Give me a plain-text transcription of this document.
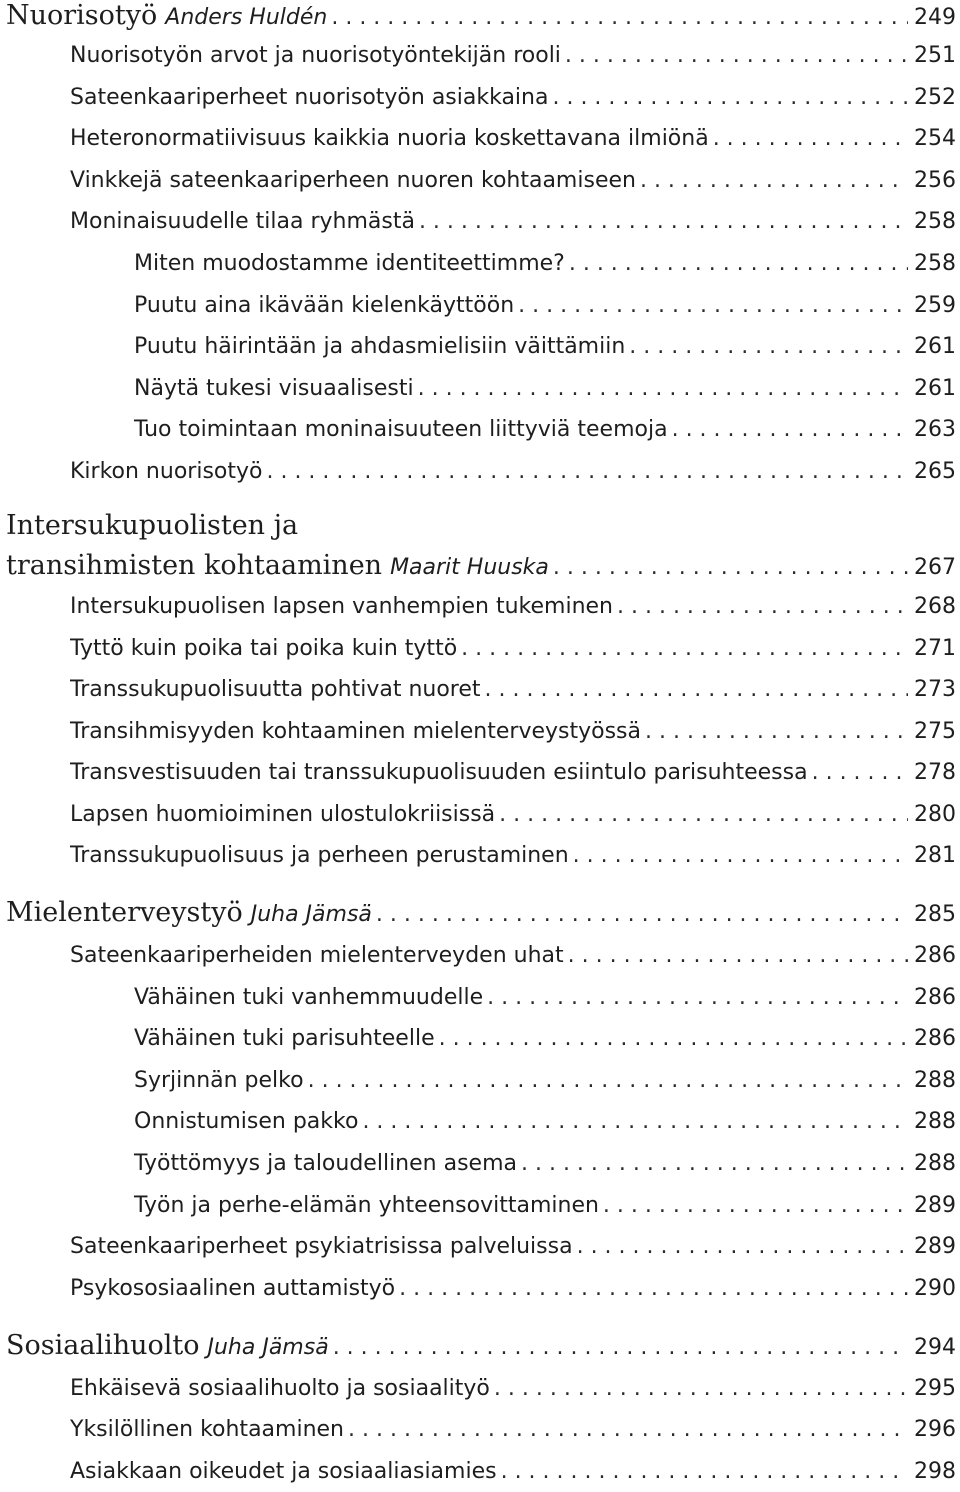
Nuorisotyö Anders Huldén . . .	249
Nuorisotyön arvot ja nuorisotyöntekijän rooli . . .	251
Sateenkaariperheet nuorisotyön asiakkaina . . .	252
Heteronormatiivisuus kaikkia nuoria koskettavana ilmiönä . . .	254
Vinkkejä sateenkaariperheen nuoren kohtaamiseen . . .	256
Moninaisuudelle tilaa ryhmästä . . .	258
Miten muodostamme identiteettimme? . . .	258
Puutu aina ikävään kielenkäyttöön . . .	259
Puutu häirintään ja ahdasmielisiin väittämiin . . .	261
Näytä tukesi visuaalisesti . . .	261
Tuo toimintaan moninaisuuteen liittyviä teemoja . . .	263
Kirkon nuorisotyö . . .	265
Intersukupuolisten ja
transihmisten kohtaaminen Maarit Huuska . . .	267
Intersukupuolisen lapsen vanhempien tukeminen . . .	268
Tyttö kuin poika tai poika kuin tyttö . . .	271
Transsukupuolisuutta pohtivat nuoret . . .	273
Transihmisyyden kohtaaminen mielenterveystyössä . . .	275
Transvestisuuden tai transsukupuolisuuden esiintulo parisuhteessa . . .	278
Lapsen huomioiminen ulostulokriisissä . . .	280
Transsukupuolisuus ja perheen perustaminen . . .	281
Mielenterveystyö Juha Jämsä . . .	285
Sateenkaariperheiden mielenterveyden uhat . . .	286
Vähäinen tuki vanhemmuudelle . . .	286
Vähäinen tuki parisuhteelle . . .	286
Syrjinnän pelko . . .	288
Onnistumisen pakko . . .	288
Työttömyys ja taloudellinen asema . . .	288
Työn ja perhe-elämän yhteensovittaminen . . .	289
Sateenkaariperheet psykiatrisissa palveluissa . . .	289
Psykososiaalinen auttamistyö . . .	290
Sosiaalihuolto Juha Jämsä . . .	294
Ehkäisevä sosiaalihuolto ja sosiaalityö . . .	295
Yksilöllinen kohtaaminen . . .	296
Asiakkaan oikeudet ja sosiaaliasiamies . . .	298
